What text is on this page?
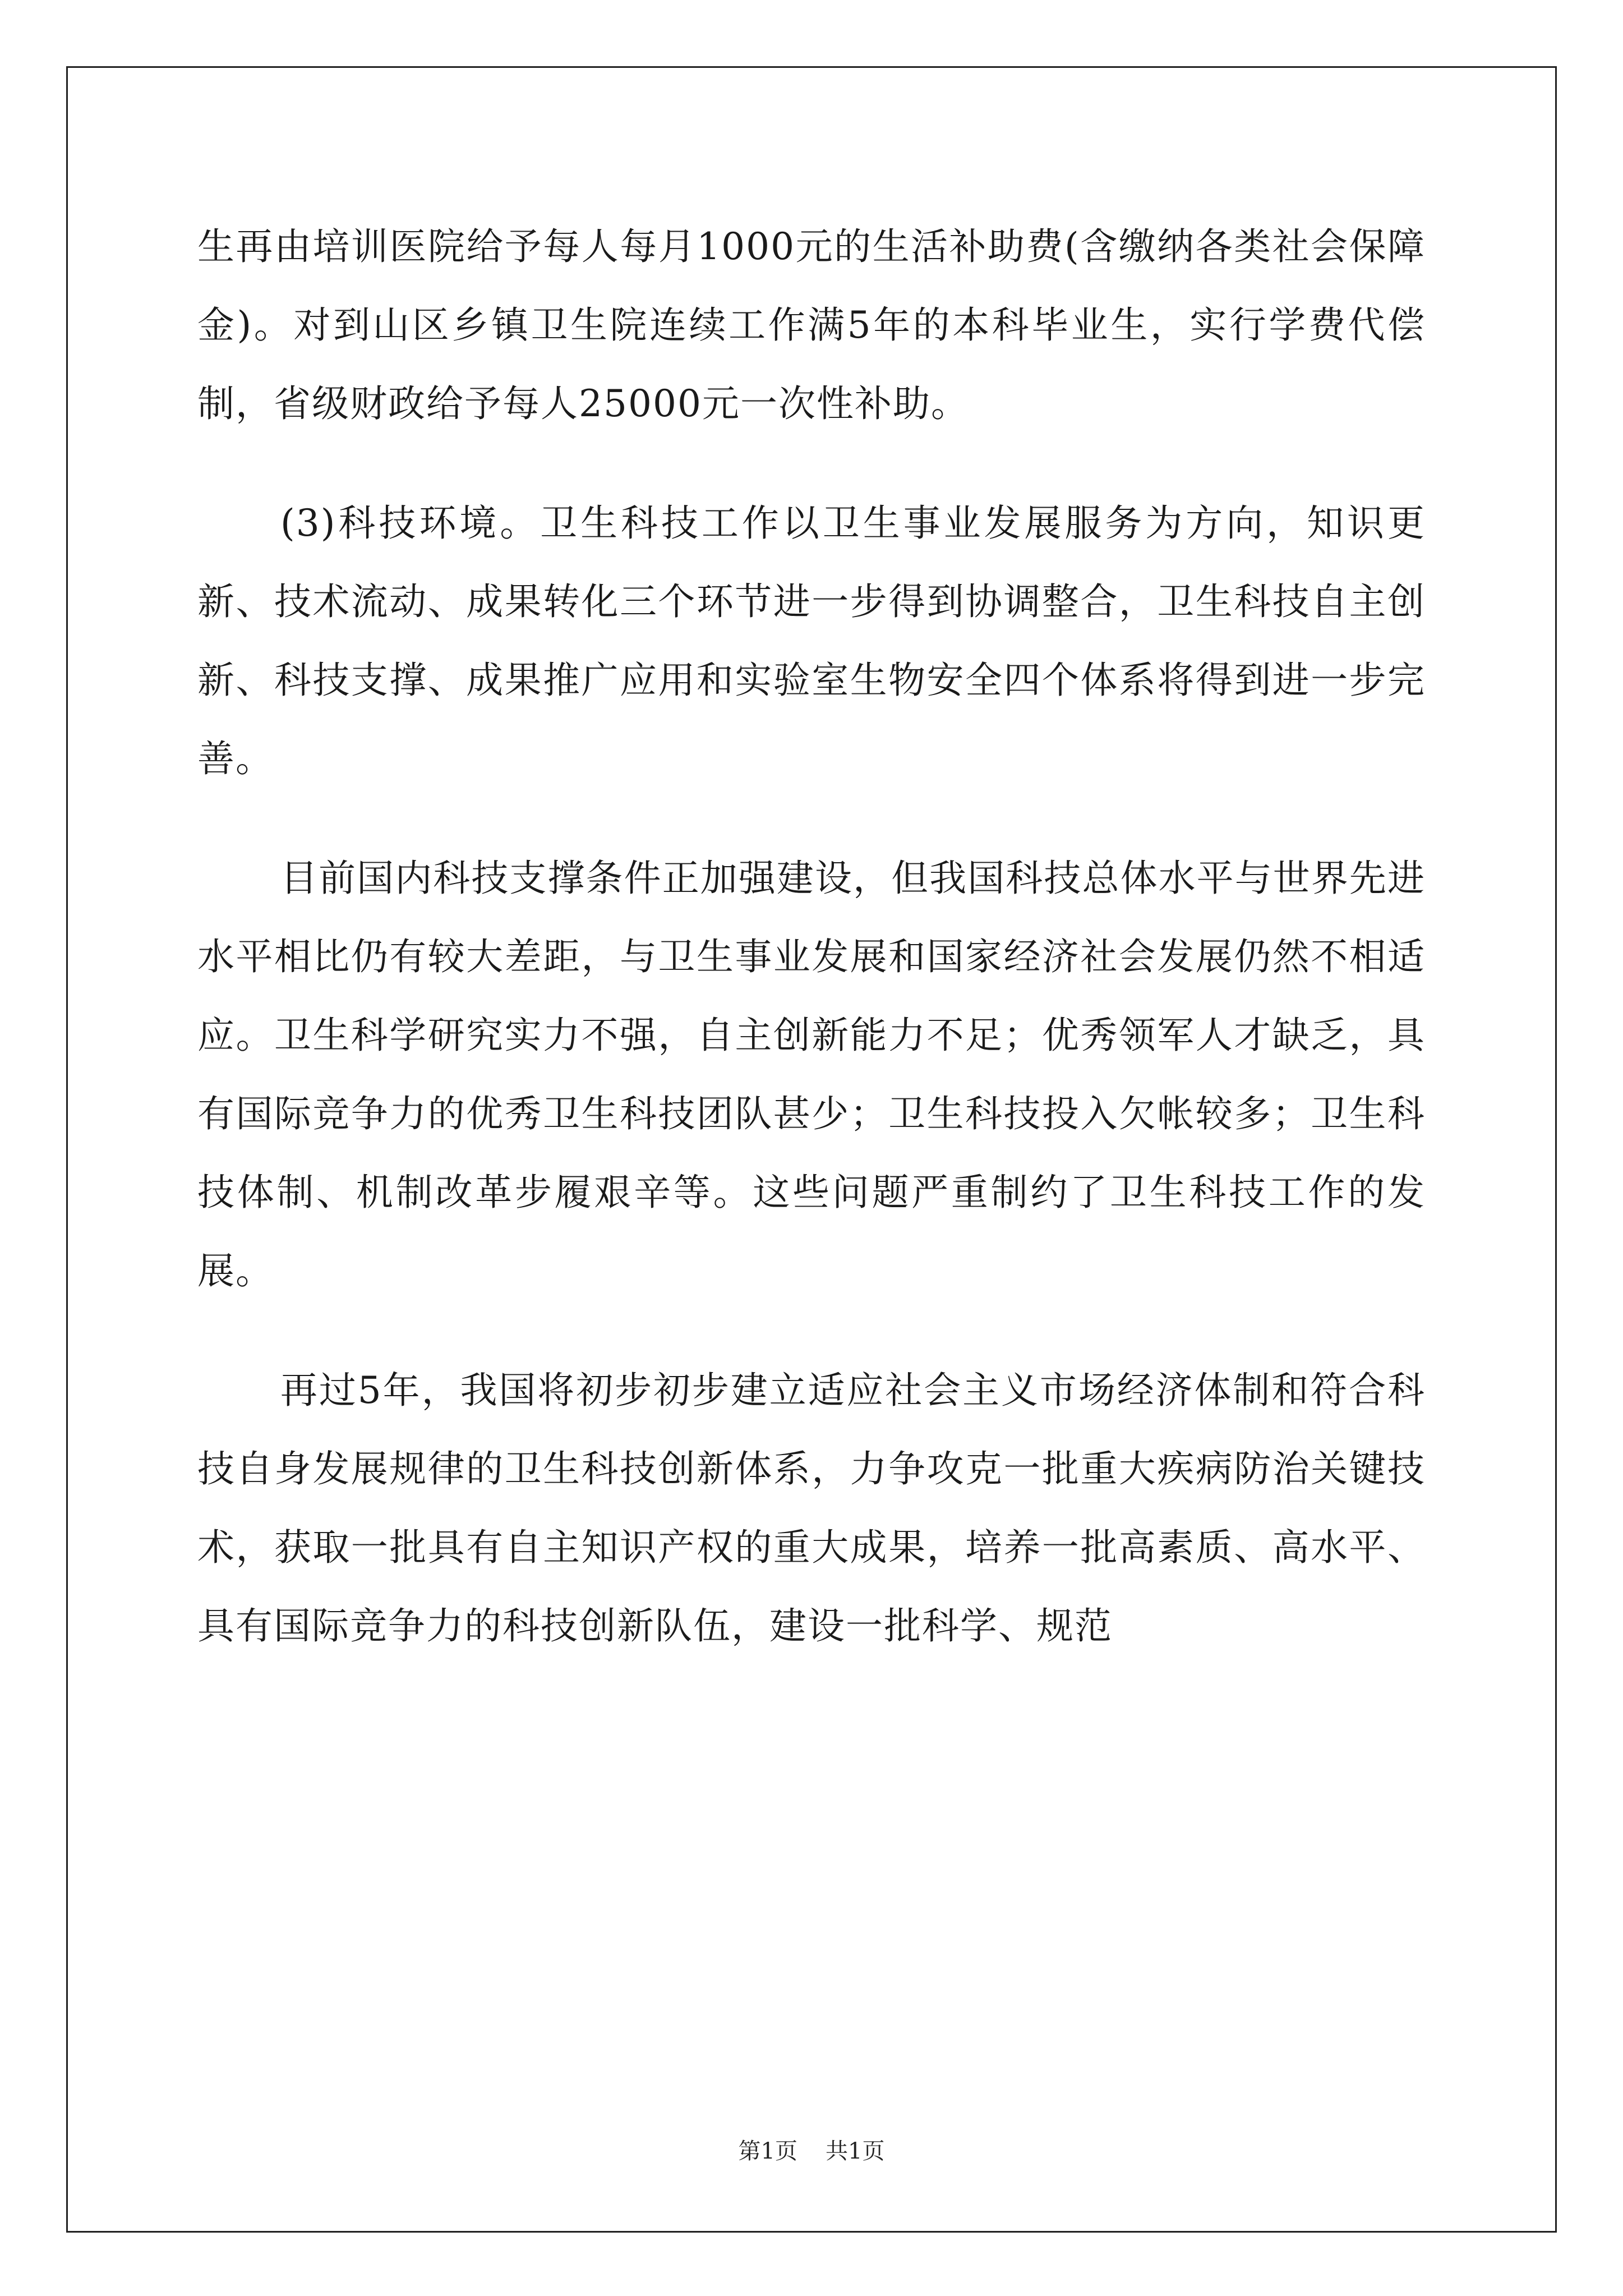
生再由培训医院给予每人每月1000元的生活补助费(含缴纳各类社会保障金)。对到山区乡镇卫生院连续工作满5年的本科毕业生，实行学费代偿制，省级财政给予每人25000元一次性补助。

(3)科技环境。卫生科技工作以卫生事业发展服务为方向，知识更新、技术流动、成果转化三个环节进一步得到协调整合，卫生科技自主创新、科技支撑、成果推广应用和实验室生物安全四个体系将得到进一步完善。

目前国内科技支撑条件正加强建设，但我国科技总体水平与世界先进水平相比仍有较大差距，与卫生事业发展和国家经济社会发展仍然不相适应。卫生科学研究实力不强，自主创新能力不足；优秀领军人才缺乏，具有国际竞争力的优秀卫生科技团队甚少；卫生科技投入欠帐较多；卫生科技体制、机制改革步履艰辛等。这些问题严重制约了卫生科技工作的发展。

再过5年，我国将初步初步建立适应社会主义市场经济体制和符合科技自身发展规律的卫生科技创新体系，力争攻克一批重大疾病防治关键技术，获取一批具有自主知识产权的重大成果，培养一批高素质、高水平、具有国际竞争力的科技创新队伍，建设一批科学、规范

第1页 共1页
